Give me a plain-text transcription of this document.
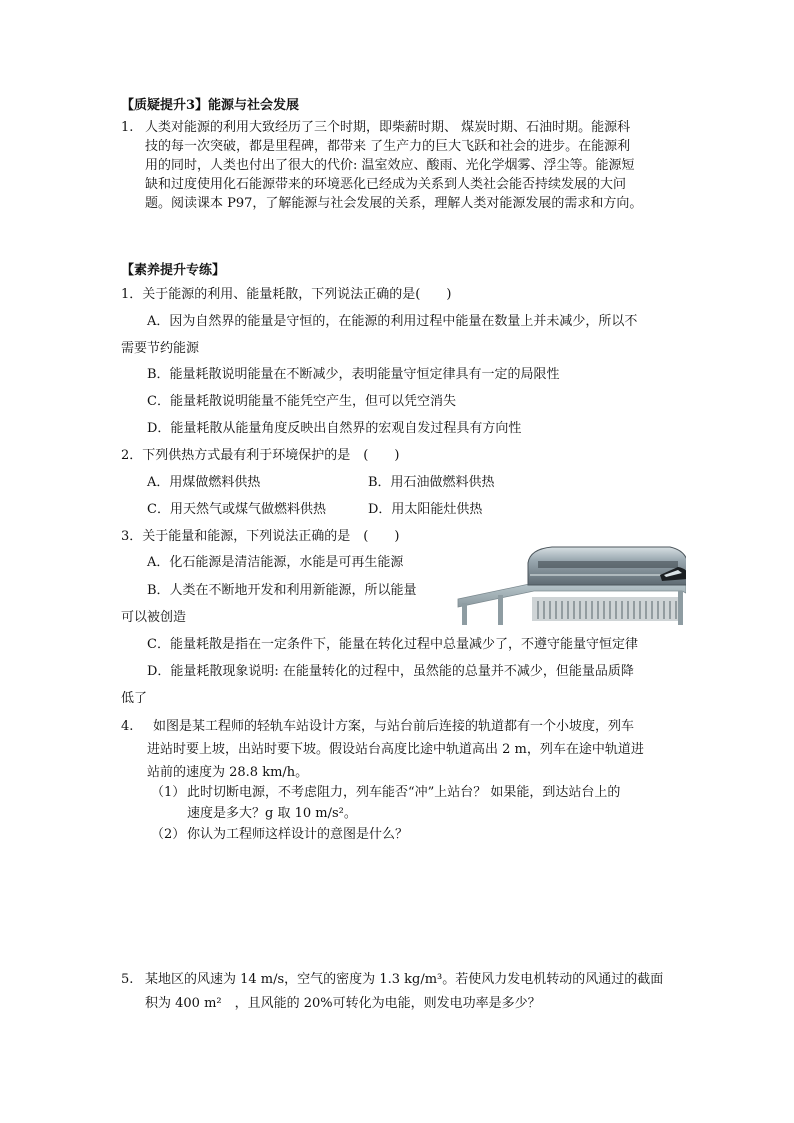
【质疑提升3】能源与社会发展
1. 人类对能源的利用大致经历了三个时期，即柴薪时期、 煤炭时期、石油时期。能源科
技的每一次突破，都是里程碑，都带来 了生产力的巨大飞跃和社会的进步。在能源利
用的同时，人类也付出了很大的代价: 温室效应、酸雨、光化学烟雾、浮尘等。能源短
缺和过度使用化石能源带来的环境恶化已经成为关系到人类社会能否持续发展的大问
题。阅读课本 P97，了解能源与社会发展的关系，理解人类对能源发展的需求和方向。
【素养提升专练】
1．关于能源的利用、能量耗散，下列说法正确的是(　　)
A．因为自然界的能量是守恒的，在能源的利用过程中能量在数量上并未减少，所以不
需要节约能源
B．能量耗散说明能量在不断减少，表明能量守恒定律具有一定的局限性
C．能量耗散说明能量不能凭空产生，但可以凭空消失
D．能量耗散从能量角度反映出自然界的宏观自发过程具有方向性
2．下列供热方式最有利于环境保护的是　(　　)
A．用煤做燃料供热	B．用石油做燃料供热
C．用天然气或煤气做燃料供热	D．用太阳能灶供热
3．关于能量和能源，下列说法正确的是　(　　)
A．化石能源是清洁能源，水能是可再生能源
B．人类在不断地开发和利用新能源，所以能量
可以被创造
C．能量耗散是指在一定条件下，能量在转化过程中总量减少了，不遵守能量守恒定律
D．能量耗散现象说明: 在能量转化的过程中，虽然能的总量并不减少，但能量品质降
低了
4. 如图是某工程师的轻轨车站设计方案，与站台前后连接的轨道都有一个小坡度，列车
进站时要上坡，出站时要下坡。假设站台高度比途中轨道高出 2 m，列车在途中轨道进
站前的速度为 28.8 km/h。
（1） 此时切断电源，不考虑阻力，列车能否“冲”上站台？ 如果能，到达站台上的
速度是多大？g 取 10 m/s²。
（2） 你认为工程师这样设计的意图是什么？
5. 某地区的风速为 14 m/s，空气的密度为 1.3 kg/m³。若使风力发电机转动的风通过的截面
积为 400 m²　，且风能的 20%可转化为电能，则发电功率是多少？
